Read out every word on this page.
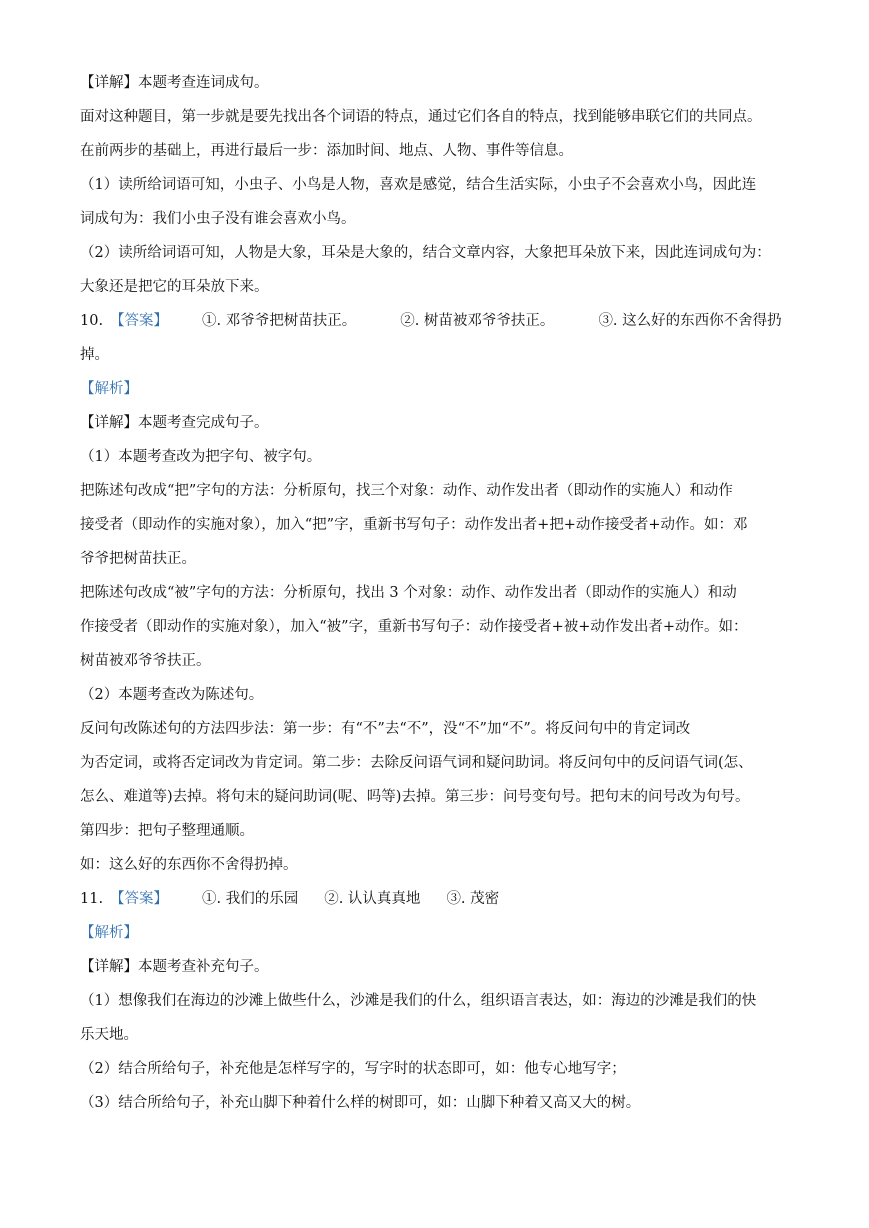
【详解】本题考查连词成句。
面对这种题目，第一步就是要先找出各个词语的特点，通过它们各自的特点，找到能够串联它们的共同点。
在前两步的基础上，再进行最后一步：添加时间、地点、人物、事件等信息。
（1）读所给词语可知，小虫子、小鸟是人物，喜欢是感觉，结合生活实际，小虫子不会喜欢小鸟，因此连
词成句为：我们小虫子没有谁会喜欢小鸟。
（2）读所给词语可知，人物是大象，耳朵是大象的，结合文章内容，大象把耳朵放下来，因此连词成句为：
大象还是把它的耳朵放下来。
10. 【答案】 ①. 邓爷爷把树苗扶正。	②. 树苗被邓爷爷扶正。	③. 这么好的东西你不舍得扔
掉。
【解析】
【详解】本题考查完成句子。
（1）本题考查改为把字句、被字句。
把陈述句改成“把”字句的方法：分析原句，找三个对象：动作、动作发出者（即动作的实施人）和动作
接受者（即动作的实施对象），加入“把”字，重新书写句子：动作发出者+把+动作接受者+动作。如：邓
爷爷把树苗扶正。
把陈述句改成“被”字句的方法：分析原句，找出 3 个对象：动作、动作发出者（即动作的实施人）和动
作接受者（即动作的实施对象），加入“被”字，重新书写句子：动作接受者+被+动作发出者+动作。如：
树苗被邓爷爷扶正。
（2）本题考查改为陈述句。
反问句改陈述句的方法四步法：第一步：有“不”去“不”，没“不”加“不”。将反问句中的肯定词改
为否定词，或将否定词改为肯定词。第二步：去除反问语气词和疑问助词。将反问句中的反问语气词(怎、
怎么、难道等)去掉。将句末的疑问助词(呢、吗等)去掉。第三步：问号变句号。把句末的问号改为句号。
第四步：把句子整理通顺。
如：这么好的东西你不舍得扔掉。
11. 【答案】 ①. 我们的乐园 ②. 认认真真地 ③. 茂密
【解析】
【详解】本题考查补充句子。
（1）想像我们在海边的沙滩上做些什么，沙滩是我们的什么，组织语言表达，如：海边的沙滩是我们的快
乐天地。
（2）结合所给句子，补充他是怎样写字的，写字时的状态即可，如：他专心地写字；
（3）结合所给句子，补充山脚下种着什么样的树即可，如：山脚下种着又高又大的树。
